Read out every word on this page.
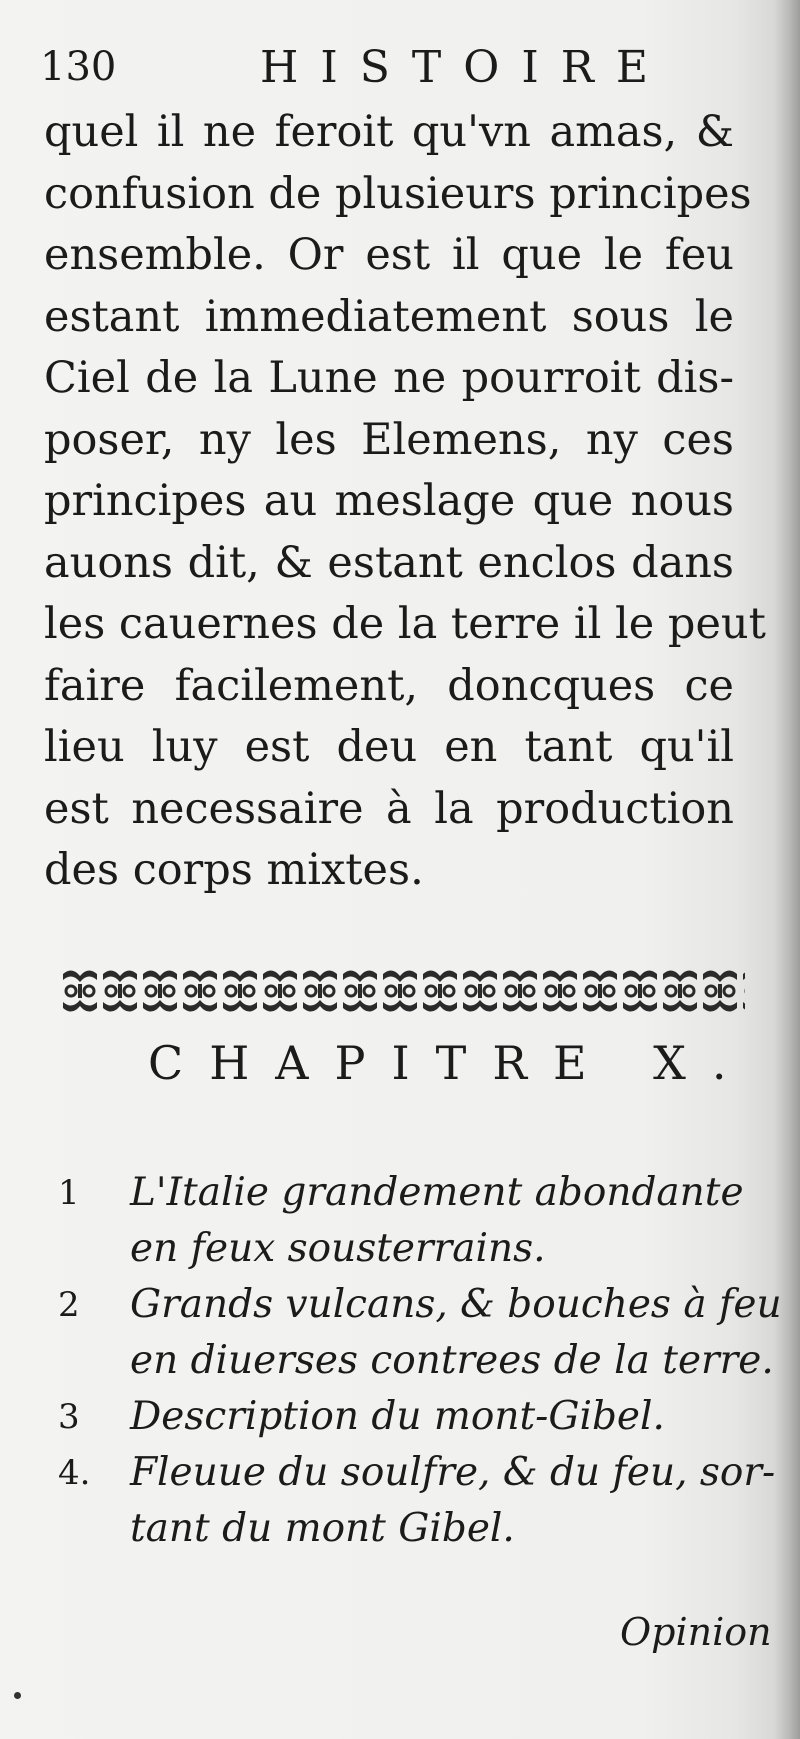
130	HISTOIRE
quel il ne feroit qu'vn amas, &
confusion de plusieurs principes
ensemble. Or est il que le feu
estant immediatement sous le
Ciel de la Lune ne pourroit dis-
poser, ny les Elemens, ny ces
principes au meslage que nous
auons dit, & estant enclos dans
les cauernes de la terre il le peut
faire facilement, doncques ce
lieu luy est deu en tant qu'il
est necessaire à la production
des corps mixtes.
CHAPITRE X.
1	L'Italie grandement abondante
en feux sousterrains.
2	Grands vulcans, & bouches à feu
en diuerses contrees de la terre.
3	Description du mont-Gibel.
4.	Fleuue du soulfre, & du feu, sor-
tant du mont Gibel.
Opinion
